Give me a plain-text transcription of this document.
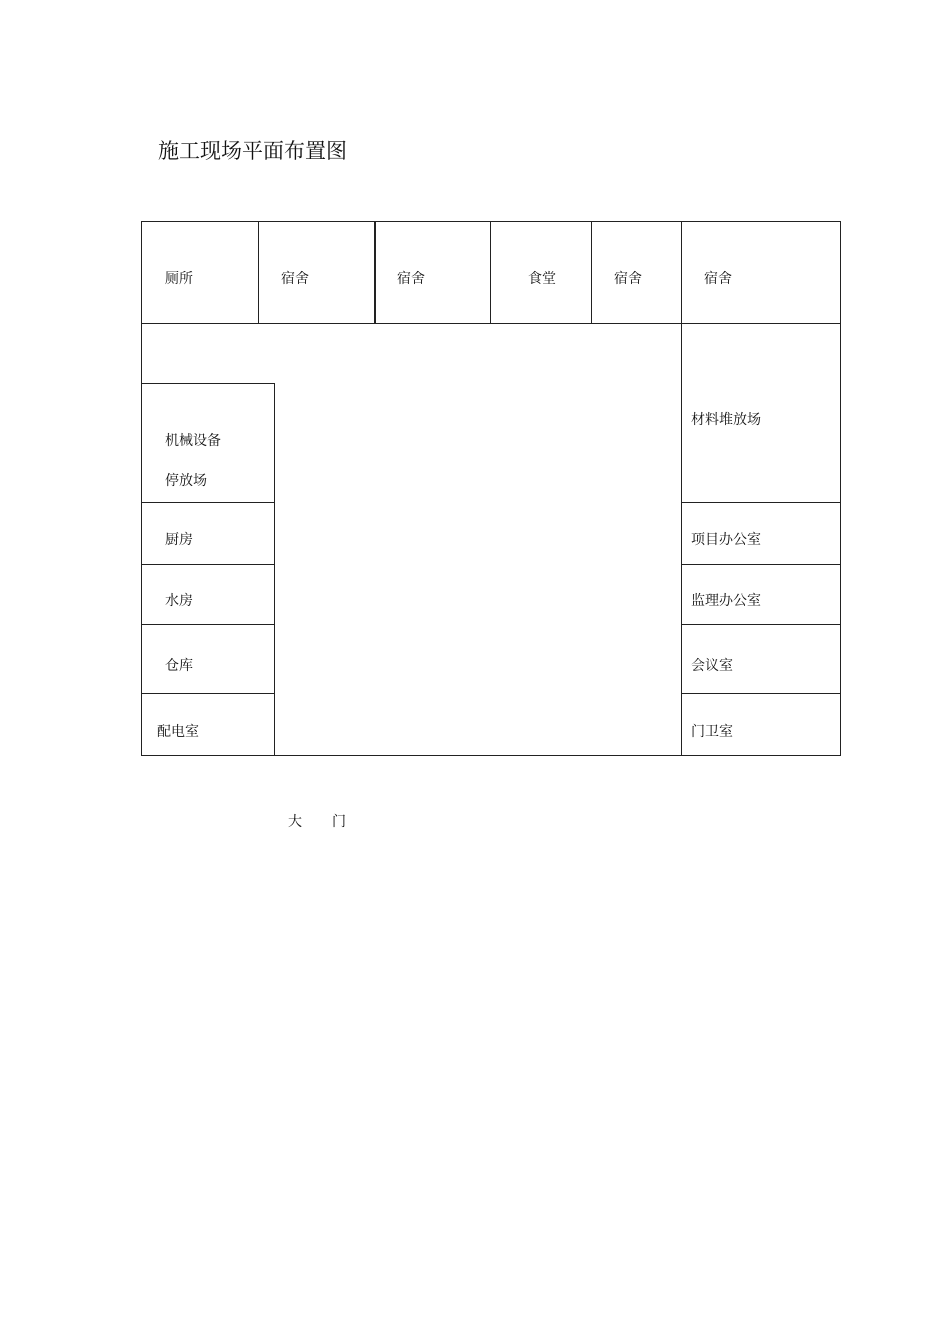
施工现场平面布置图
厕所	宿舍	宿舍	食堂	宿舍	宿舍
机械设备
停放场
厨房
水房
仓库
配电室
材料堆放场
项目办公室
监理办公室
会议室
门卫室
大 门
